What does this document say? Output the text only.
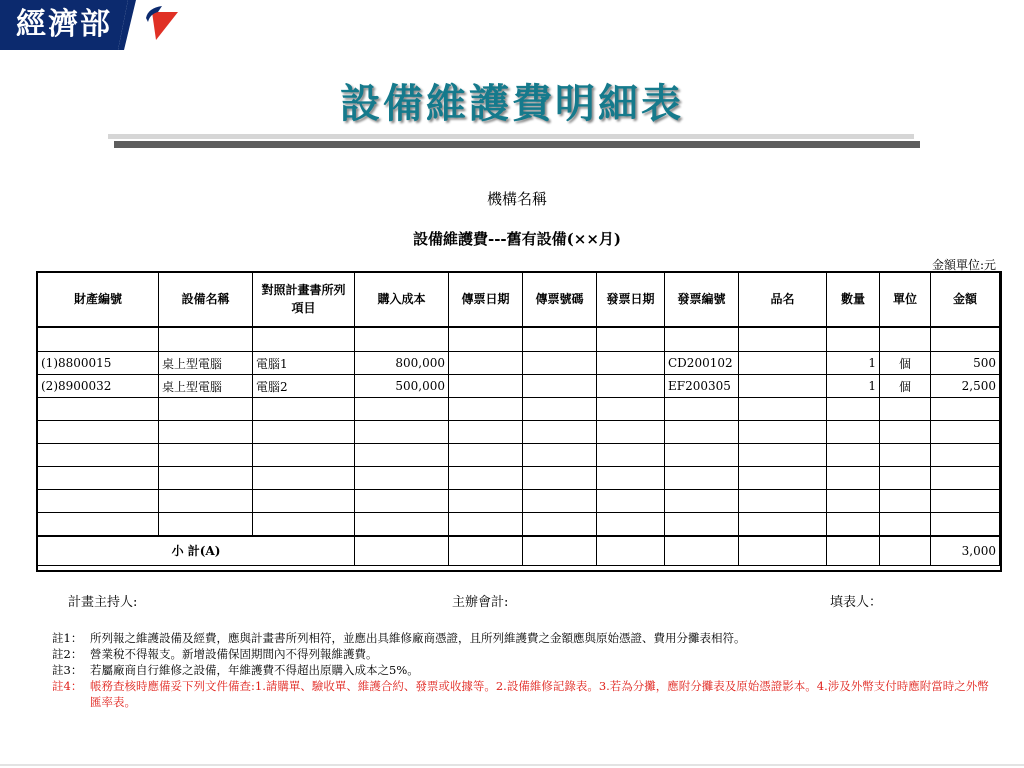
經濟部
設備維護費明細表
機構名稱
設備維護費---舊有設備(××月)
金額單位:元
財產編號	設備名稱	對照計畫書所列項目	購入成本	傳票日期	傳票號碼	發票日期	發票編號	品名	數量	單位	金額

(1)8800015	桌上型電腦	電腦1	800,000				CD200102		1	個	500
(2)8900032	桌上型電腦	電腦2	500,000				EF200305		1	個	2,500

小 計(A)											3,000
計畫主持人:	主辦會計:	填表人：
註1： 所列報之維護設備及經費，應與計畫書所列相符，並應出具維修廠商憑證，且所列維護費之金額應與原始憑證、費用分攤表相符。
註2： 營業稅不得報支。新增設備保固期間內不得列報維護費。
註3： 若屬廠商自行維修之設備，年維護費不得超出原購入成本之5%。
註4： 帳務查核時應備妥下列文件備查:1.請購單、驗收單、維護合約、發票或收據等。2.設備維修記錄表。3.若為分攤，應附分攤表及原始憑證影本。4.涉及外幣支付時應附當時之外幣匯率表。
